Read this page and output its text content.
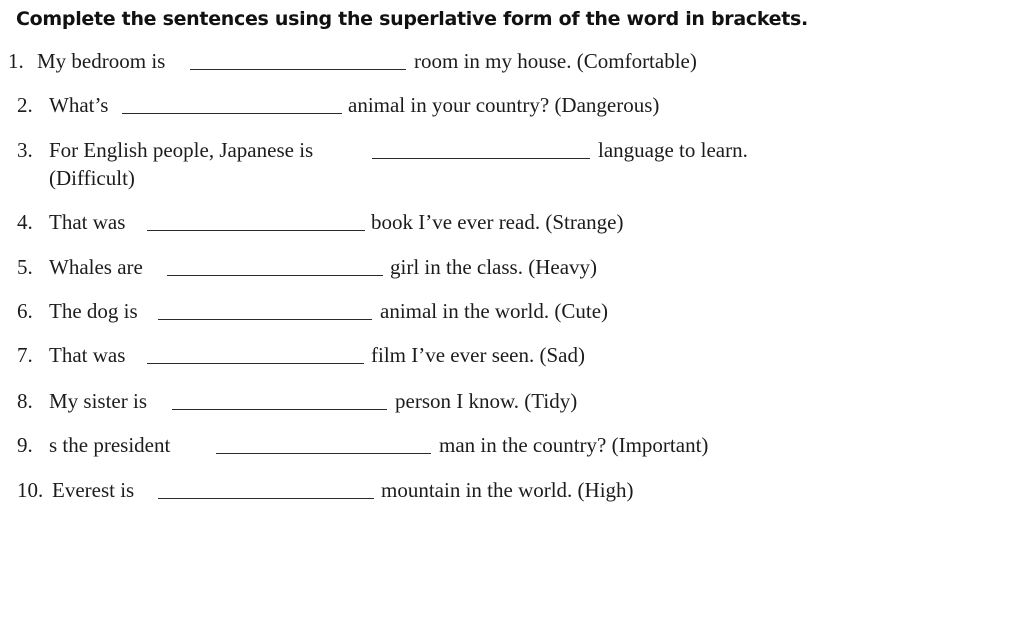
Complete the sentences using the superlative form of the word in brackets.
1. My bedroom is	room in my house. (Comfortable)
2. What’s	animal in your country? (Dangerous)
3. For English people, Japanese is	language to learn.
(Difficult)
4. That was	book I’ve ever read. (Strange)
5. Whales are	girl in the class. (Heavy)
6. The dog is	animal in the world. (Cute)
7. That was	film I’ve ever seen. (Sad)
8. My sister is	person I know. (Tidy)
9. s the president	man in the country? (Important)
10. Everest is	mountain in the world. (High)
